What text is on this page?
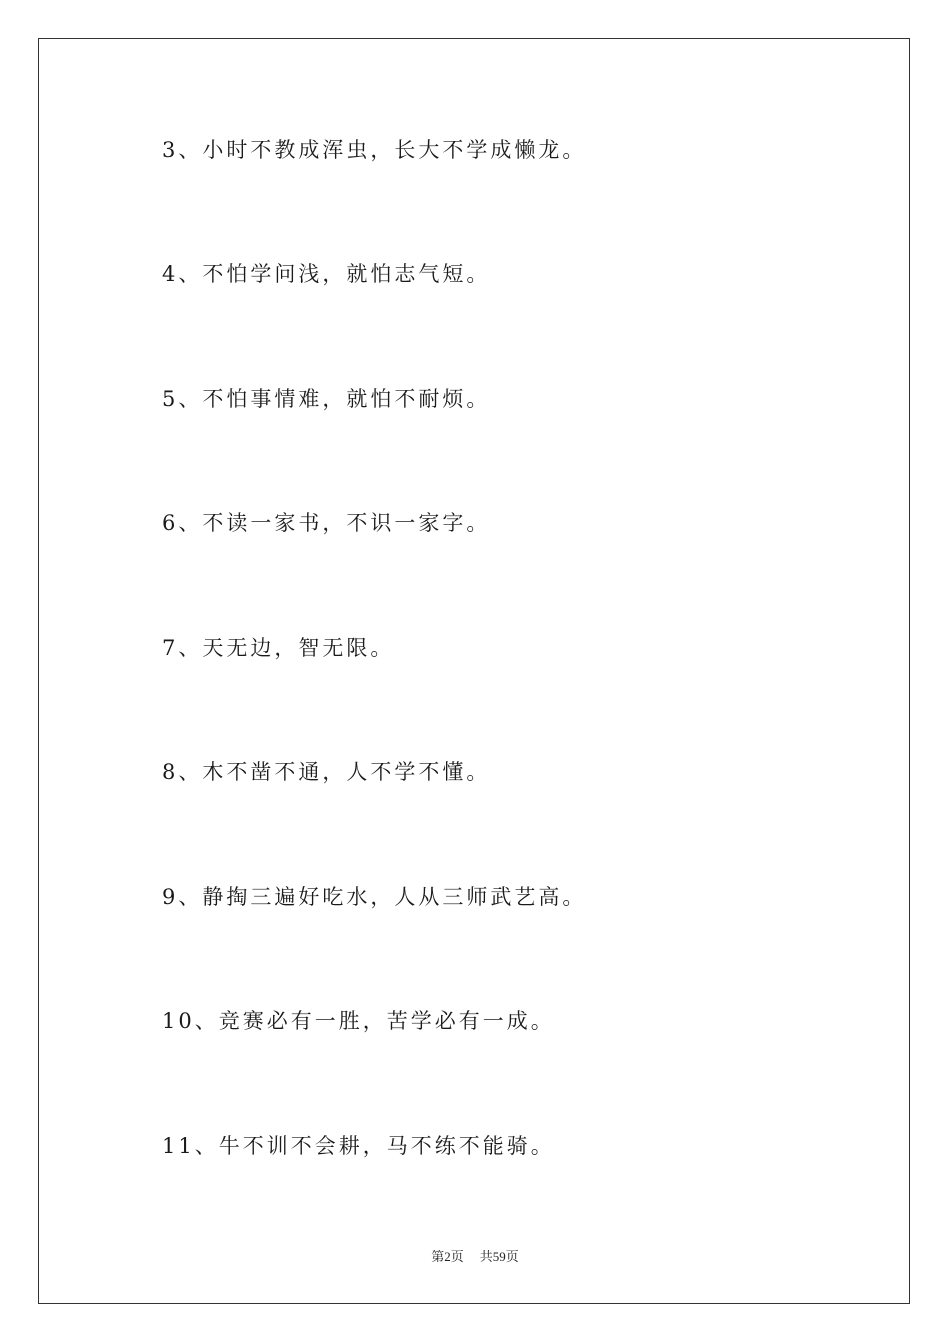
3、小时不教成浑虫，长大不学成懒龙。
4、不怕学问浅，就怕志气短。
5、不怕事情难，就怕不耐烦。
6、不读一家书，不识一家字。
7、天无边，智无限。
8、木不凿不通，人不学不懂。
9、静掏三遍好吃水，人从三师武艺高。
10、竞赛必有一胜，苦学必有一成。
11、牛不训不会耕，马不练不能骑。
第2页 共59页
